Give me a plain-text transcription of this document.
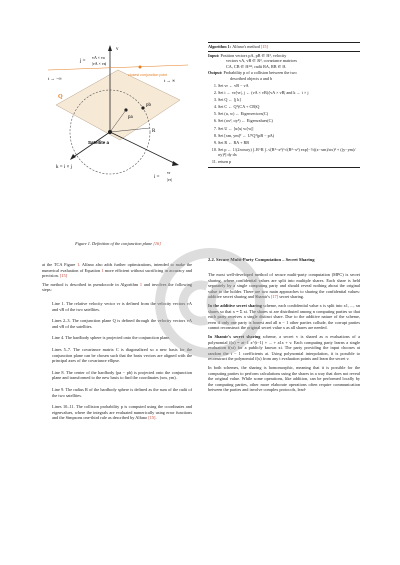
v
j =
vA × va
|vA × va|
closest conjunction point
t → −∞	t → ∞
Q
pa
pb
R
Satellite a
k = i × j
i =
vr
|vr|
Figure 1. Definition of the conjunction plane [16]

at the TCA Figure 1. Alfano also adds further optimizations, intended to make the numerical evaluation of Equation 1 more efficient without sacrificing in accuracy and precision. [15]

The method is described in pseudocode in Algorithm 1 and involves the following steps:

Line 1. The relative velocity vector vr is defined from the velocity vectors vA and vB of the two satellites.

Lines 2–3. The conjunction plane Q is defined through the velocity vectors vA and vB of the satellites.

Line 4. The hardbody sphere is projected onto the conjunction plane.

Lines 5–7. The covariance matrix C is diagonalized so a new basis for the conjunction plane can be chosen such that the basis vectors are aligned with the principal axes of the covariance ellipse.

Line 8. The center of the hardbody (pa − pb) is projected onto the conjunction plane and transformed to the new basis to find the coordinates (xm, ym).

Line 9. The radius R of the hardbody sphere is defined as the sum of the radii of the two satellites.

Lines 10–11. The collision probability p is computed using the coordinates and eigenvalues, where the integrals are evaluated numerically using error functions and the Simpsons one-third rule as described by Alfano [15].

Algorithm 1: Alfano's method [15]
Input: Position vectors pA, pB ∈ ℝ³, velocity
vectors vA, vB ∈ ℝ³, covariance matrices
CA, CB ∈ ℝ³ˣ³, radii RA, RB ∈ ℝ
Output: Probability p of a collision between the two
described objects a and b
1. Set vr ← vB − vA
2. Set i ← vr/|vr|, j ← (vA × vB)/|vA × vB| and k ← i × j
3. Set Q ← [j k]
4. Set C ← Qᵀ(CA + CB)Q
5. Set (u, w) ← Eigenvectors(C)
6. Set (σx², σy²) ← Eigenvalues(C)
7. Set U ← [u/|u| w/|w|]
8. Set [xm, ym]ᵀ ← UᵀQᵀ(pB − pA)
9. Set R ← RA + RB
10. Set p ← 1/(2πσxσy) ∫₋R^R ∫₋√(R²−x²)^√(R²−x²) exp[−½((x−xm)/σx)² + ((y−ym)/σy)²] dy dx
11. return p
2.2. Secure Multi-Party Computation – Secret Sharing

The most well-developed method of secure multi-party computation (MPC) is secret sharing, where confidential values are split into multiple shares. Each share is held separately by a single computing party and should reveal nothing about the original value to the holder. There are two main approaches to sharing the confidential values: additive secret sharing and Shamir's [17] secret sharing.

In the additive secret sharing scheme, each confidential value x is split into x1, ..., xn shares so that x = Σ xi. The shares xi are distributed among n computing parties so that each party receives a single distinct share. Due to the additive nature of the scheme, even if only one party is honest and all n − 1 other parties collude, the corrupt parties cannot reconstruct the original secret value x as all shares are needed.

In Shamir's secret sharing scheme, a secret v is shared as n evaluations of a polynomial f(x) = at−1 x^(t−1) + ... + a1x + v. Each computing party learns a single evaluation f(xi) for a publicly known xi. The party providing the input chooses at random the t − 1 coefficients ai. Using polynomial interpolation, it is possible to reconstruct the polynomial f(x) from any t evaluation points and learn the secret v.

In both schemes, the sharing is homomorphic, meaning that it is possible for the computing parties to perform calculations using the shares in a way that does not reveal the original value. While some operations, like addition, can be performed locally by the computing parties, other more elaborate operations often require communication between the parties and involve complex protocols, lead-
